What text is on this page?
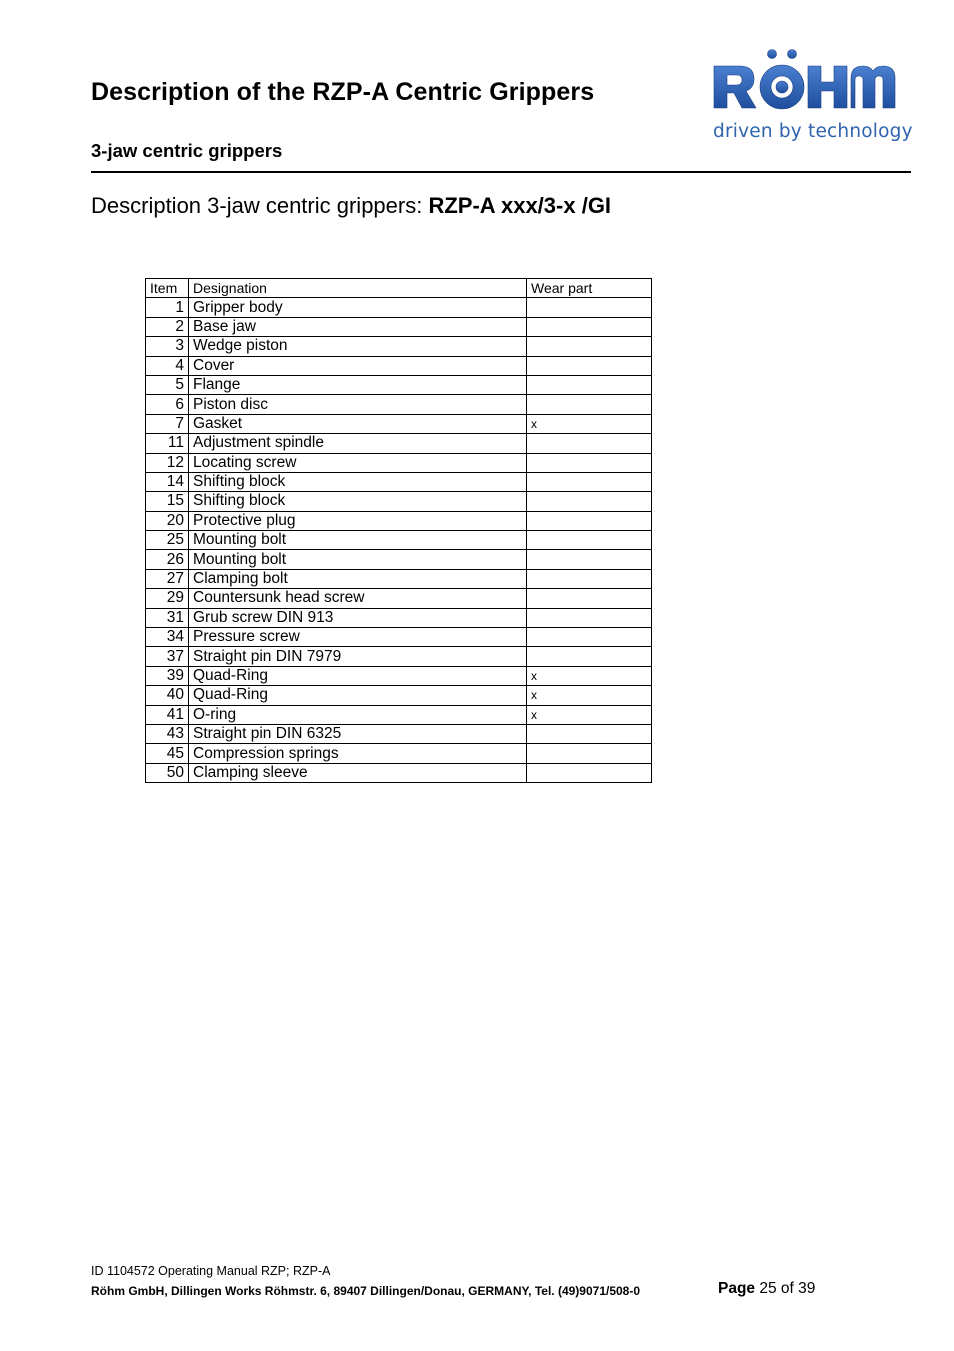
Description of the RZP-A Centric Grippers
3-jaw centric grippers
driven by technology
Description 3-jaw centric grippers: RZP-A xxx/3-x /GI
Item	Designation	Wear part
1	Gripper body	
2	Base jaw	
3	Wedge piston	
4	Cover	
5	Flange	
6	Piston disc	
7	Gasket	x
11	Adjustment spindle	
12	Locating screw	
14	Shifting block	
15	Shifting block	
20	Protective plug	
25	Mounting bolt	
26	Mounting bolt	
27	Clamping bolt	
29	Countersunk head screw	
31	Grub screw DIN 913	
34	Pressure screw	
37	Straight pin DIN 7979	
39	Quad-Ring	x
40	Quad-Ring	x
41	O-ring	x
43	Straight pin DIN 6325	
45	Compression springs	
50	Clamping sleeve	
ID 1104572 Operating Manual RZP; RZP-A
Röhm GmbH, Dillingen Works Röhmstr. 6, 89407 Dillingen/Donau, GERMANY, Tel. (49)9071/508-0	Page 25 of 39
